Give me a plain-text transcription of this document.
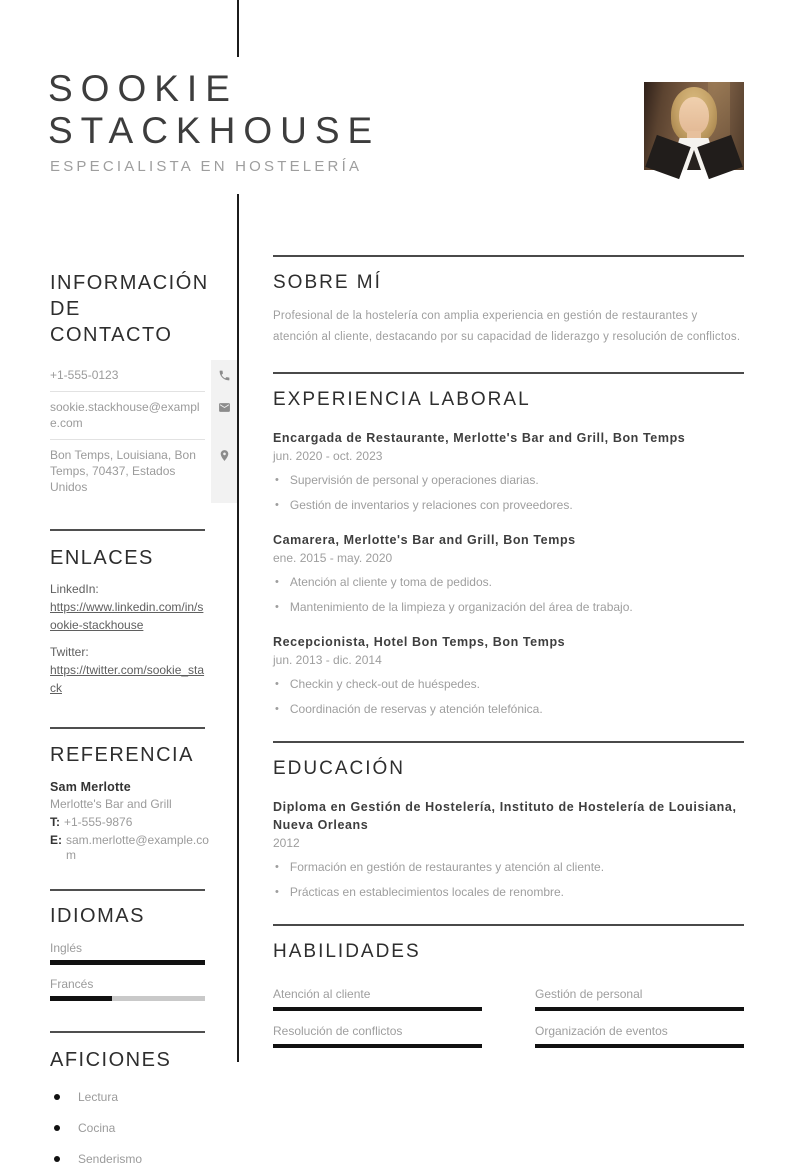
SOOKIE
STACKHOUSE
ESPECIALISTA EN HOSTELERÍA
INFORMACIÓN DE CONTACTO
+1-555-0123
sookie.stackhouse@example.com
Bon Temps, Louisiana, Bon Temps, 70437, Estados Unidos
ENLACES
LinkedIn:
https://www.linkedin.com/in/sookie-stackhouse
Twitter:
https://twitter.com/sookie_stack
REFERENCIA
Sam Merlotte
Merlotte's Bar and Grill
T: +1-555-9876
E: sam.merlotte@example.com
IDIOMAS
Inglés
Francés
AFICIONES
Lectura
Cocina
Senderismo
SOBRE MÍ

Profesional de la hostelería con amplia experiencia en gestión de restaurantes y atención al cliente, destacando por su capacidad de liderazgo y resolución de conflictos.

EXPERIENCIA LABORAL
Encargada de Restaurante, Merlotte's Bar and Grill, Bon Temps
jun. 2020 - oct. 2023
• Supervisión de personal y operaciones diarias.
• Gestión de inventarios y relaciones con proveedores.
Camarera, Merlotte's Bar and Grill, Bon Temps
ene. 2015 - may. 2020
• Atención al cliente y toma de pedidos.
• Mantenimiento de la limpieza y organización del área de trabajo.
Recepcionista, Hotel Bon Temps, Bon Temps
jun. 2013 - dic. 2014
• Checkin y check-out de huéspedes.
• Coordinación de reservas y atención telefónica.
EDUCACIÓN
Diploma en Gestión de Hostelería, Instituto de Hostelería de Louisiana, Nueva Orleans
2012
• Formación en gestión de restaurantes y atención al cliente.
• Prácticas en establecimientos locales de renombre.
HABILIDADES
Atención al cliente	Gestión de personal
Resolución de conflictos	Organización de eventos
